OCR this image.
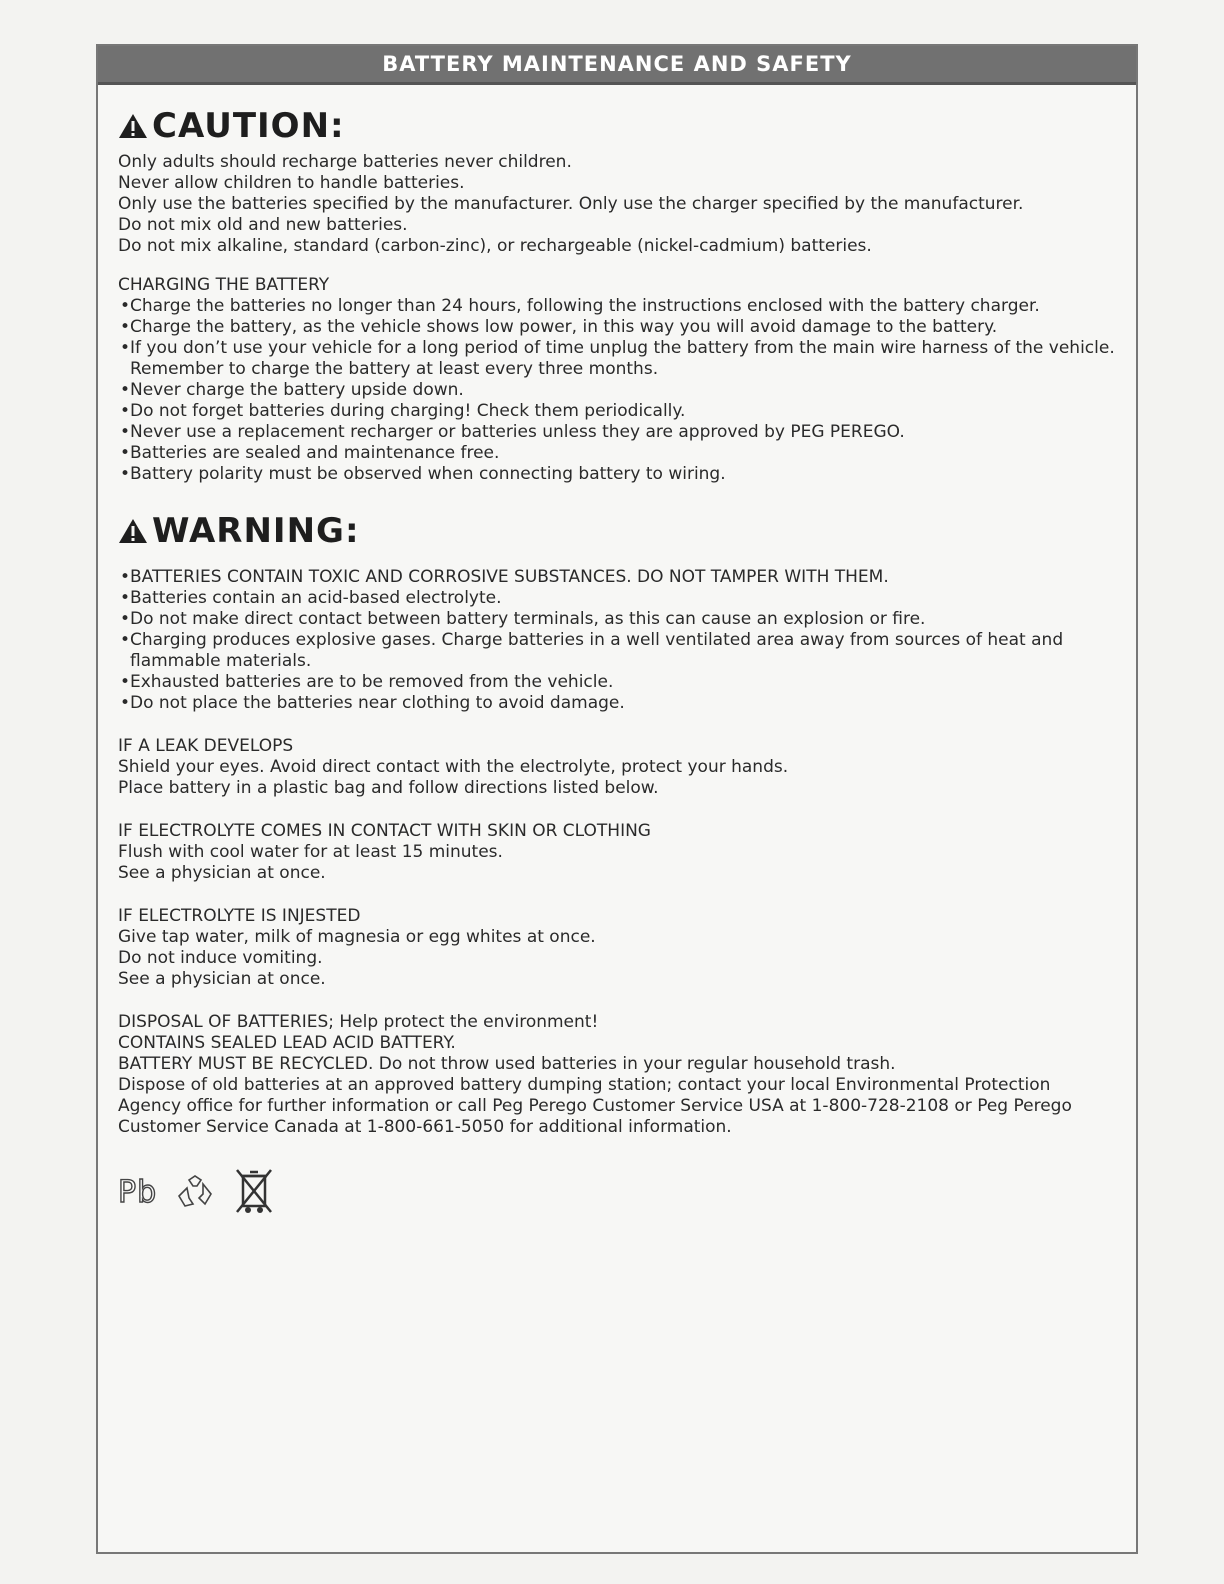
BATTERY MAINTENANCE AND SAFETY
CAUTION:

Only adults should recharge batteries never children.

Never allow children to handle batteries.

Only use the batteries specified by the manufacturer. Only use the charger specified by the manufacturer.

Do not mix old and new batteries.

Do not mix alkaline, standard (carbon-zinc), or rechargeable (nickel-cadmium) batteries.

CHARGING THE BATTERY
• Charge the batteries no longer than 24 hours, following the instructions enclosed with the battery charger.
• Charge the battery, as the vehicle shows low power, in this way you will avoid damage to the battery.
• If you don’t use your vehicle for a long period of time unplug the battery from the main wire harness of the vehicle. Remember to charge the battery at least every three months.
• Never charge the battery upside down.
• Do not forget batteries during charging! Check them periodically.
• Never use a replacement recharger or batteries unless they are approved by PEG PEREGO.
• Batteries are sealed and maintenance free.
• Battery polarity must be observed when connecting battery to wiring.
WARNING:
• BATTERIES CONTAIN TOXIC AND CORROSIVE SUBSTANCES. DO NOT TAMPER WITH THEM.
• Batteries contain an acid-based electrolyte.
• Do not make direct contact between battery terminals, as this can cause an explosion or fire.
• Charging produces explosive gases. Charge batteries in a well ventilated area away from sources of heat and flammable materials.
• Exhausted batteries are to be removed from the vehicle.
• Do not place the batteries near clothing to avoid damage.
IF A LEAK DEVELOPS

Shield your eyes. Avoid direct contact with the electrolyte, protect your hands.

Place battery in a plastic bag and follow directions listed below.

IF ELECTROLYTE COMES IN CONTACT WITH SKIN OR CLOTHING

Flush with cool water for at least 15 minutes.

See a physician at once.

IF ELECTROLYTE IS INJESTED

Give tap water, milk of magnesia or egg whites at once.

Do not induce vomiting.

See a physician at once.

DISPOSAL OF BATTERIES; Help protect the environment!

CONTAINS SEALED LEAD ACID BATTERY.

BATTERY MUST BE RECYCLED. Do not throw used batteries in your regular household trash.

Dispose of old batteries at an approved battery dumping station; contact your local Environmental Protection Agency office for further information or call Peg Perego Customer Service USA at 1-800-728-2108 or Peg Perego Customer Service Canada at 1-800-661-5050 for additional information.

Pb
